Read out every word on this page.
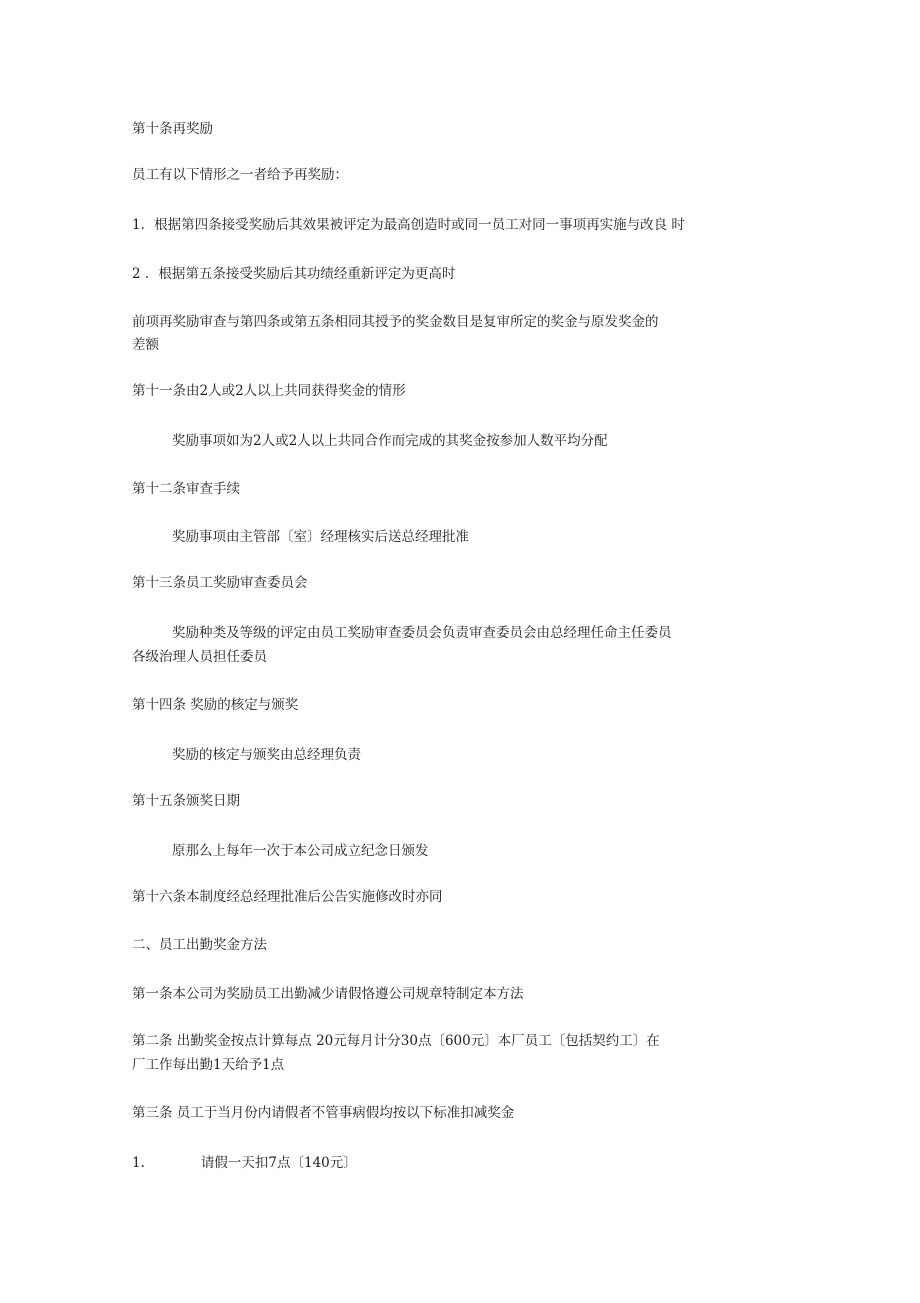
第十条再奖励
员工有以下情形之一者给予再奖励：
1．根据第四条接受奖励后其效果被评定为最高创造时或同一员工对同一事项再实施与改良 时
2 ．根据第五条接受奖励后其功绩经重新评定为更高时
前项再奖励审查与第四条或第五条相同其授予的奖金数目是复审所定的奖金与原发奖金的
差额
第十一条由2人或2人以上共同获得奖金的情形
奖励事项如为2人或2人以上共同合作而完成的其奖金按参加人数平均分配
第十二条审查手续
奖励事项由主管部〔室〕经理核实后送总经理批准
第十三条员工奖励审查委员会
奖励种类及等级的评定由员工奖励审查委员会负责审查委员会由总经理任命主任委员
各级治理人员担任委员
第十四条 奖励的核定与颁奖
奖励的核定与颁奖由总经理负责
第十五条颁奖日期
原那么上每年一次于本公司成立纪念日颁发
第十六条本制度经总经理批准后公告实施修改时亦同
二、员工出勤奖金方法
第一条本公司为奖励员工出勤减少请假恪遵公司规章特制定本方法
第二条 出勤奖金按点计算每点 20元每月计分30点〔600元〕本厂员工〔包括契约工〕在
厂工作每出勤1天给予1点
第三条 员工于当月份内请假者不管事病假均按以下标准扣减奖金
1.	请假一天扣7点〔140元〕
